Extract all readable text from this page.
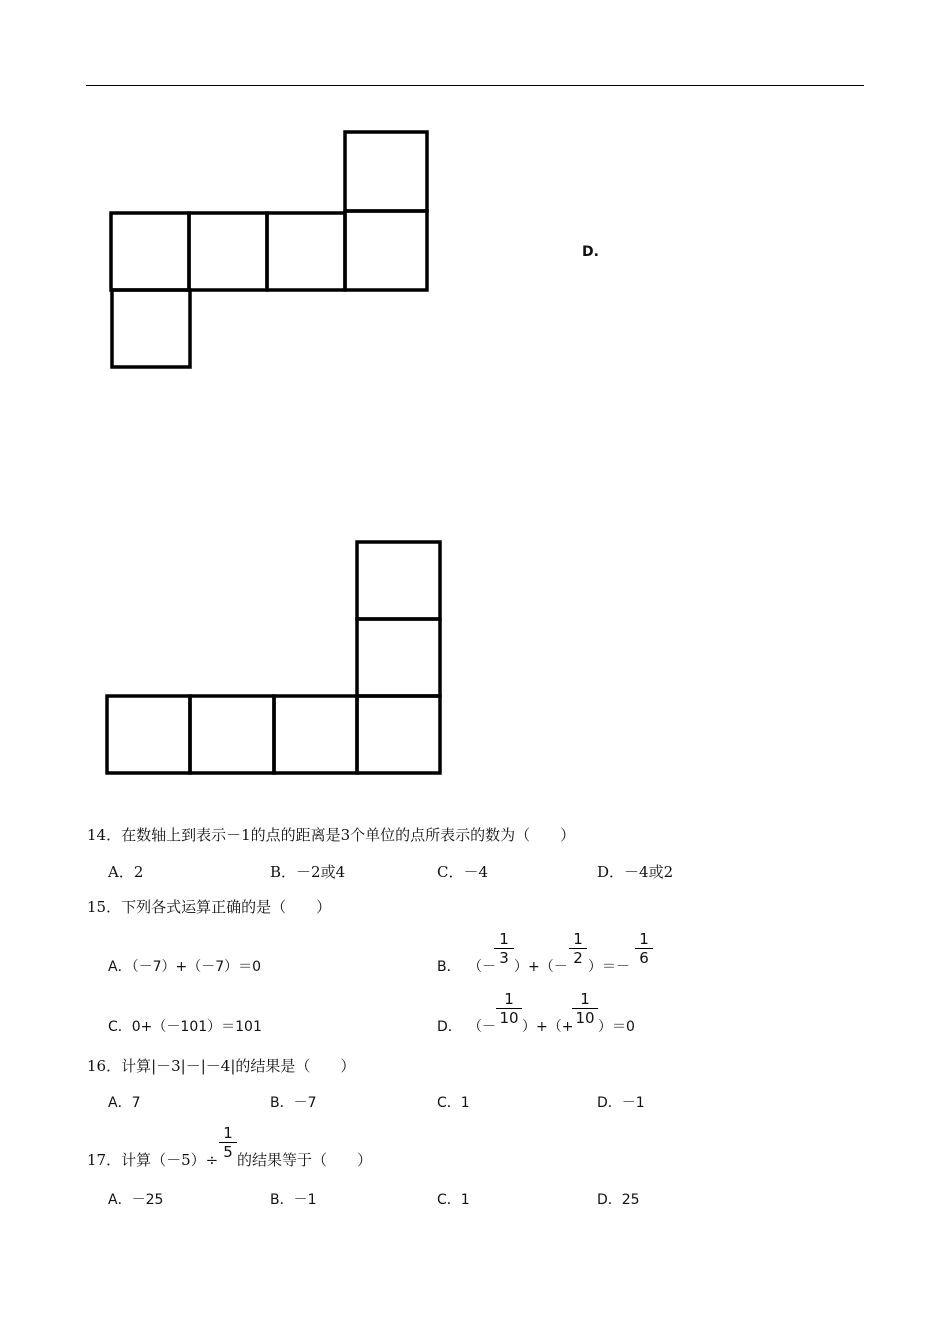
D.
14．在数轴上到表示－1的点的距离是3个单位的点所表示的数为（　　）
A．2	B．－2或4	C．－4	D．－4或2
15．下列各式运算正确的是（　　）
A．（－7）+（－7）＝0	B． （－
1
3 ）+（－
1
2 ）＝－
1
6
C．0+（－101）＝101	D． （－
1
10 ）+（+
1
10 ）＝0
16．计算|－3|－|－4|的结果是（　　）
A．7	B．－7	C．1	D．－1
17．计算（－5）÷
1
5 的结果等于（　　）
A．－25	B．－1	C．1	D．25
